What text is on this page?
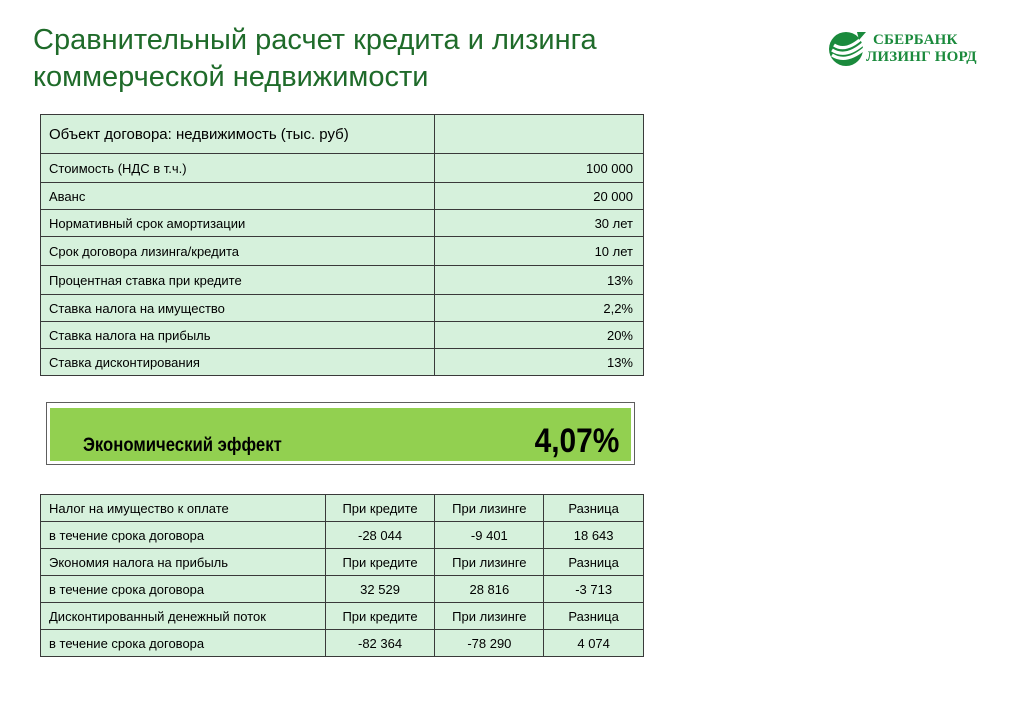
Сравнительный расчет кредита и лизинга
коммерческой недвижимости
СБЕРБАНК
ЛИЗИНГ НОРД
Объект договора: недвижимость (тыс. руб)	
Стоимость (НДС в т.ч.)	100 000
Аванс	20 000
Нормативный срок амортизации	30 лет
Срок договора лизинга/кредита	10 лет
Процентная ставка при кредите	13%
Ставка налога на имущество	2,2%
Ставка налога на прибыль	20%
Ставка дисконтирования	13%
Экономический эффект	4,07%
Налог на имущество к оплате	При кредите	При лизинге	Разница
в течение срока договора	-28 044	-9 401	18 643
Экономия налога на прибыль	При кредите	При лизинге	Разница
в течение срока договора	32 529	28 816	-3 713
Дисконтированный денежный поток	При кредите	При лизинге	Разница
в течение срока договора	-82 364	-78 290	4 074
